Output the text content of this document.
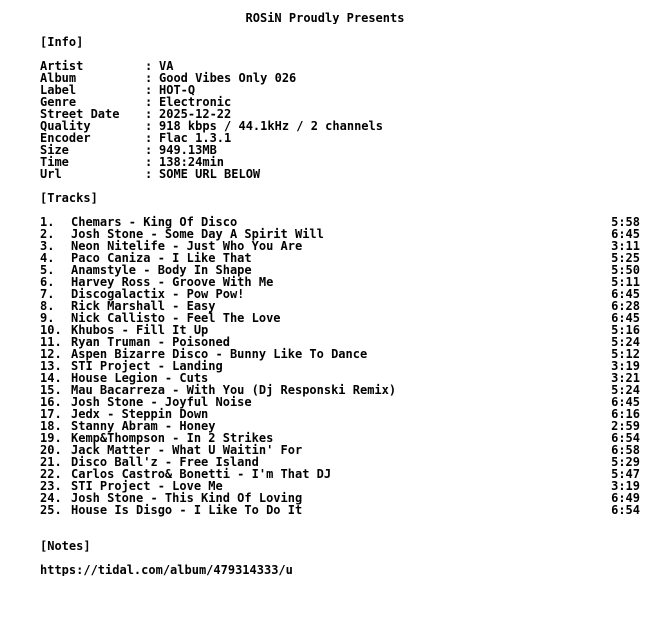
ROSiN Proudly Presents
[Info]
Artist	: VA
Album	: Good Vibes Only 026
Label	: HOT-Q
Genre	: Electronic
Street Date	: 2025-12-22
Quality	: 918 kbps / 44.1kHz / 2 channels
Encoder	: Flac 1.3.1
Size	: 949.13MB
Time	: 138:24min
Url	: SOME URL BELOW
[Tracks]
1.	Chemars - King Of Disco	5:58
2.	Josh Stone - Some Day A Spirit Will	6:45
3.	Neon Nitelife - Just Who You Are	3:11
4.	Paco Caniza - I Like That	5:25
5.	Anamstyle - Body In Shape	5:50
6.	Harvey Ross - Groove With Me	5:11
7.	Discogalactix - Pow Pow!	6:45
8.	Rick Marshall - Easy	6:28
9.	Nick Callisto - Feel The Love	6:45
10. Khubos - Fill It Up	5:16
11. Ryan Truman - Poisoned	5:24
12. Aspen Bizarre Disco - Bunny Like To Dance	5:12
13. STI Project - Landing	3:19
14. House Legion - Cuts	3:21
15. Mau Bacarreza - With You (Dj Responski Remix)	5:24
16. Josh Stone - Joyful Noise	6:45
17. Jedx - Steppin Down	6:16
18. Stanny Abram - Honey	2:59
19. Kemp&Thompson - In 2 Strikes	6:54
20. Jack Matter - What U Waitin' For	6:58
21. Disco Ball'z - Free Island	5:29
22. Carlos Castro& Bonetti - I'm That DJ	5:47
23. STI Project - Love Me	3:19
24. Josh Stone - This Kind Of Loving	6:49
25. House Is Disgo - I Like To Do It	6:54
[Notes]
https://tidal.com/album/479314333/u
